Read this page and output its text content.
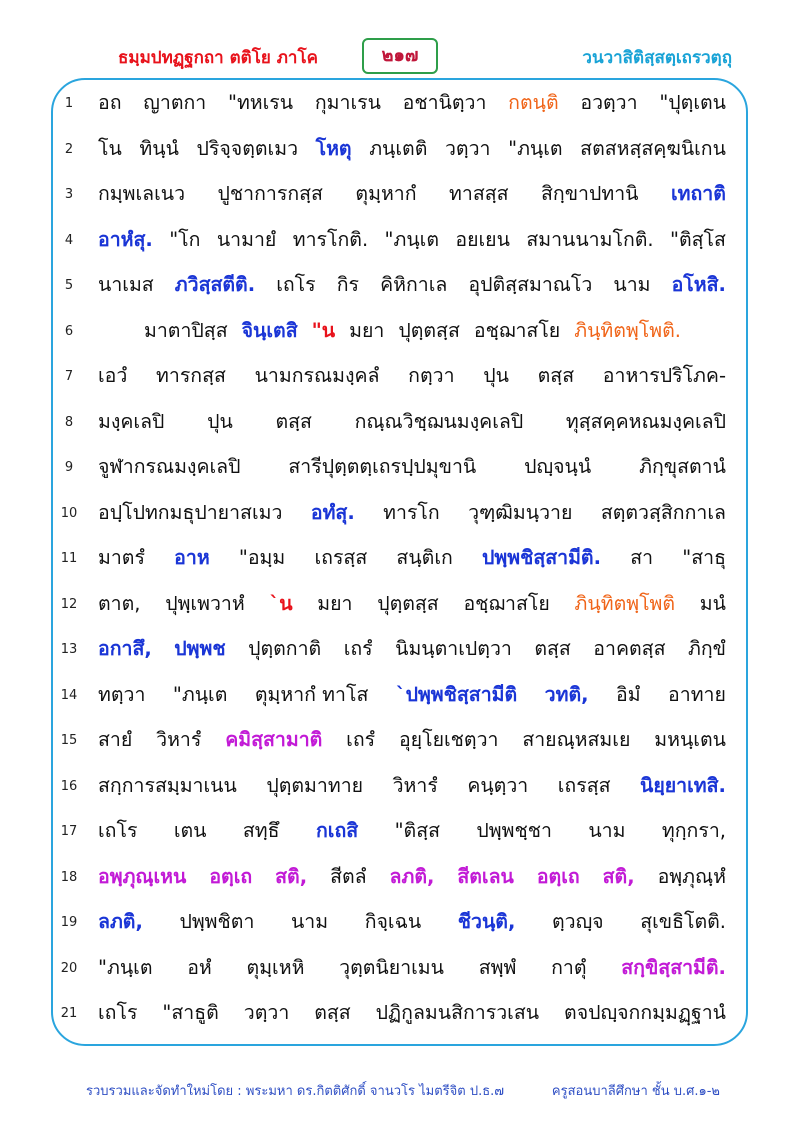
ธมฺมปทฏฺฐกถา ตติโย ภาโค	๒๑๗	วนวาสิติสฺสตฺเถรวตฺถุ
1	อถ ญาตกา "ทหเรน กุมาเรน อชานิตฺวา กตนฺติ อวตฺวา "ปุตฺเตน
2	โน ทินฺนํ ปริจฺจตฺตเมว โหตุ ภนฺเตติ วตฺวา "ภนฺเต สตสหสฺสคฺฆนิเกน
3	กมฺพเลเนว ปูชาการกสฺส ตุมฺหากํ ทาสสฺส สิกฺขาปทานิ เทถาติ
4	อาหํสุ. "โก นามายํ ทารโกติ. "ภนฺเต อยเยน สมานนามโกติ. "ติสฺโส
5	นาเมส ภวิสฺสตีติ. เถโร กิร คิหิกาเล อุปติสฺสมาณโว นาม อโหสิ.
6	มาตาปิสฺส จินฺเตสิ "น มยา ปุตฺตสฺส อชฺฌาสโย ภินฺทิตพฺโพติ.
7	เอวํ ทารกสฺส นามกรณมงฺคลํ กตฺวา ปุน ตสฺส อาหารปริโภค-
8	มงฺคเลปิ ปุน ตสฺส กณฺณวิชฺฌนมงฺคเลปิ ทุสฺสคฺคหณมงฺคเลปิ
9	จูฬากรณมงฺคเลปิ สารีปุตฺตตฺเถรปฺปมุขานิ ปญฺจนฺนํ ภิกฺขุสตานํ
10	อปฺโปทกมธุปายาสเมว อทํสุ. ทารโก วุฑฺฒิมนฺวาย สตฺตวสฺสิกกาเล
11	มาตรํ อาห "อมฺม เถรสฺส สนฺติเก ปพฺพชิสฺสามีติ. สา "สาธุ
12	ตาต, ปุพฺเพวาหํ `น มยา ปุตฺตสฺส อชฺฌาสโย ภินฺทิตพฺโพติ มนํ
13	อกาสึ, ปพฺพช ปุตฺตกาติ เถรํ นิมนฺตาเปตฺวา ตสฺส อาคตสฺส ภิกฺขํ
14	ทตฺวา "ภนฺเต ตุมฺหากํ ทาโส `ปพฺพชิสฺสามีติ วทติ, อิมํ อาทาย
15	สายํ วิหารํ คมิสฺสามาติ เถรํ อุยฺโยเชตฺวา สายณฺหสมเย มหนฺเตน
16	สกฺการสมฺมาเนน ปุตฺตมาทาย วิหารํ คนฺตฺวา เถรสฺส นิยฺยาเทสิ.
17	เถโร เตน สทฺธึ กเถสิ "ติสฺส ปพฺพชฺชา นาม ทุกฺกรา,
18	อพฺภุณฺเหน อตฺเถ สติ, สีตลํ ลภติ, สีตเลน อตฺเถ สติ, อพฺภุณฺหํ
19	ลภติ, ปพฺพชิตา นาม กิจฺเฉน ชีวนฺติ, ตฺวญฺจ สุเขธิโตติ.
20	"ภนฺเต อหํ ตุมฺเหหิ วุตฺตนิยาเมน สพฺพํ กาตุํ สกฺขิสฺสามีติ.
21	เถโร "สาธูติ วตฺวา ตสฺส ปฏิกูลมนสิการวเสน ตจปญฺจกกมฺมฏฺฐานํ
รวบรวมและจัดทำใหม่โดย : พระมหา ดร.กิตติศักดิ์ จานวโร ไมตรีจิต ป.ธ.๗	ครูสอนบาลีศึกษา ชั้น บ.ศ.๑-๒
